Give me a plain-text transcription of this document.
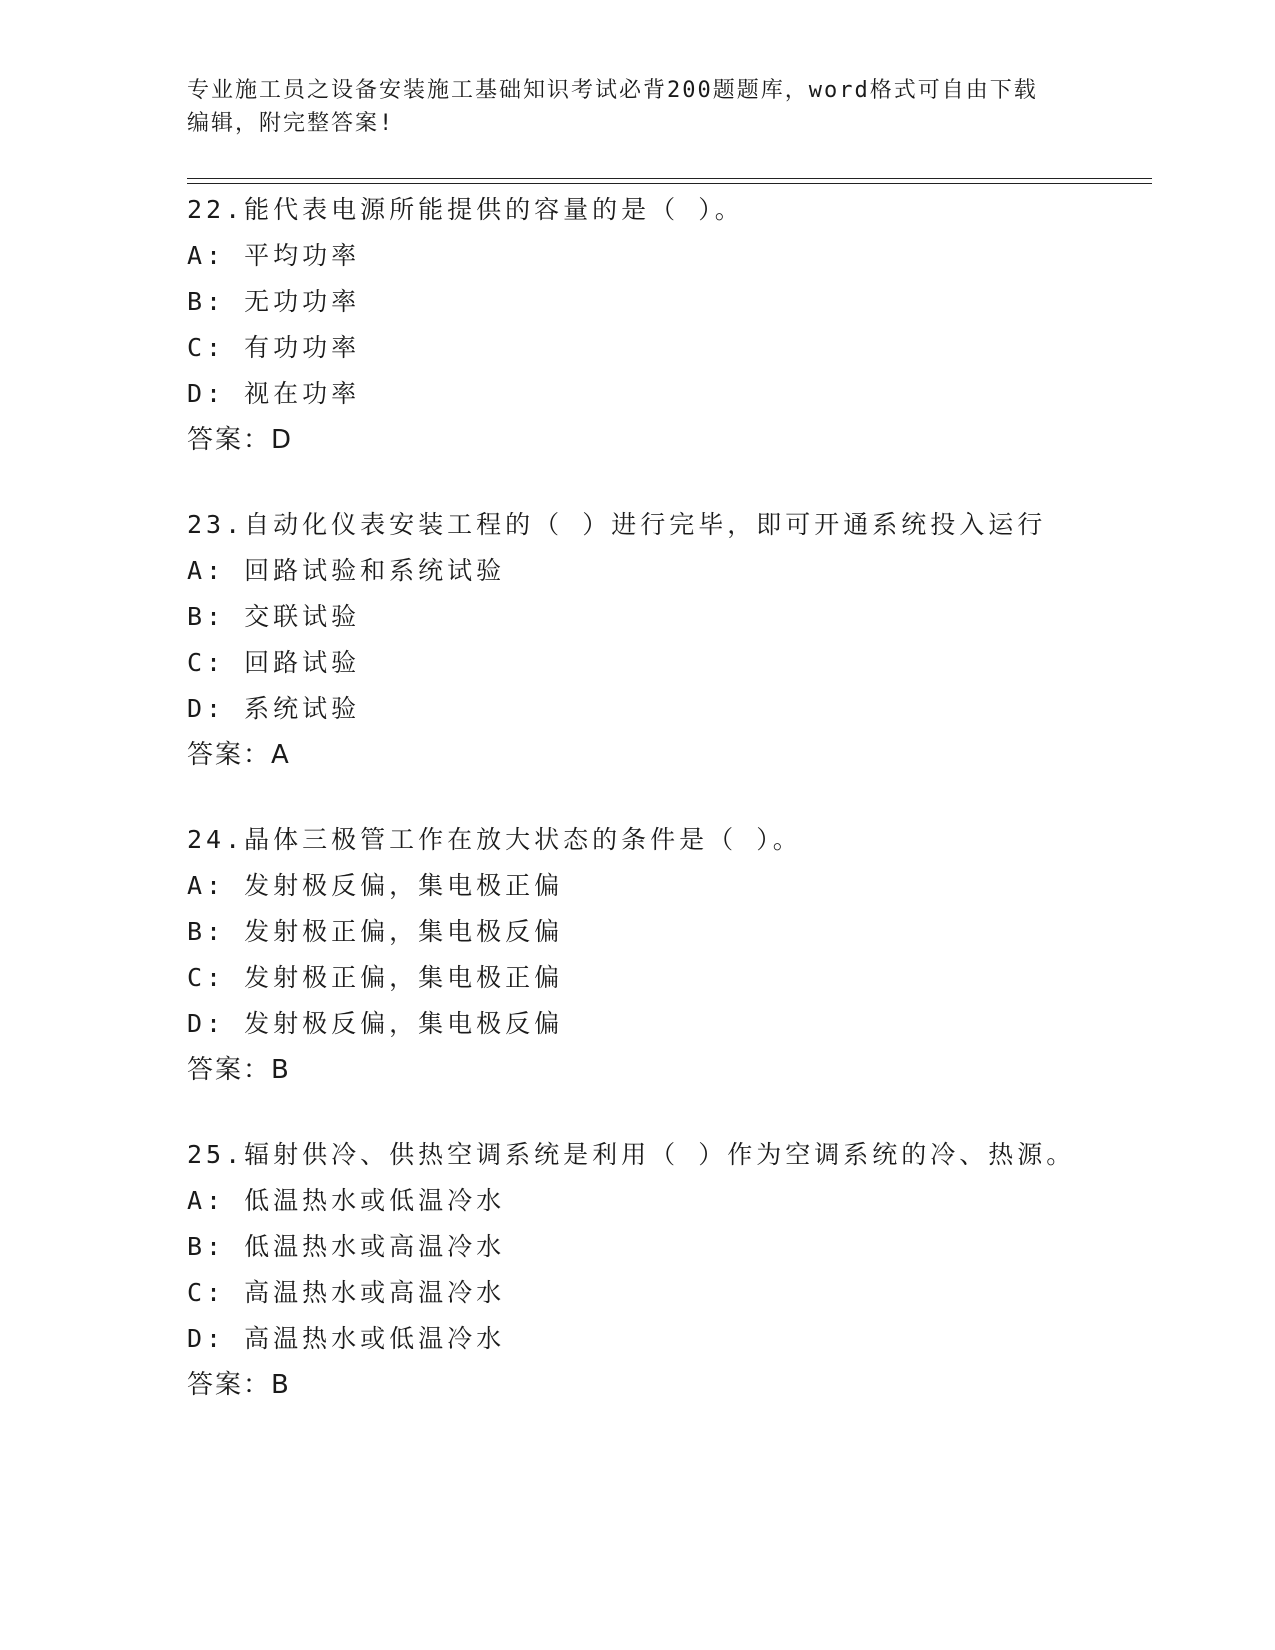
专业施工员之设备安装施工基础知识考试必背200题题库，word格式可自由下载
编辑，附完整答案!
22.能代表电源所能提供的容量的是（ ）。
A: 平均功率
B: 无功功率
C: 有功功率
D: 视在功率
答案：D
23.自动化仪表安装工程的（ ）进行完毕，即可开通系统投入运行
A: 回路试验和系统试验
B: 交联试验
C: 回路试验
D: 系统试验
答案：A
24.晶体三极管工作在放大状态的条件是（ ）。
A: 发射极反偏，集电极正偏
B: 发射极正偏，集电极反偏
C: 发射极正偏，集电极正偏
D: 发射极反偏，集电极反偏
答案：B
25.辐射供冷、供热空调系统是利用（ ）作为空调系统的冷、热源。
A: 低温热水或低温冷水
B: 低温热水或高温冷水
C: 高温热水或高温冷水
D: 高温热水或低温冷水
答案：B
